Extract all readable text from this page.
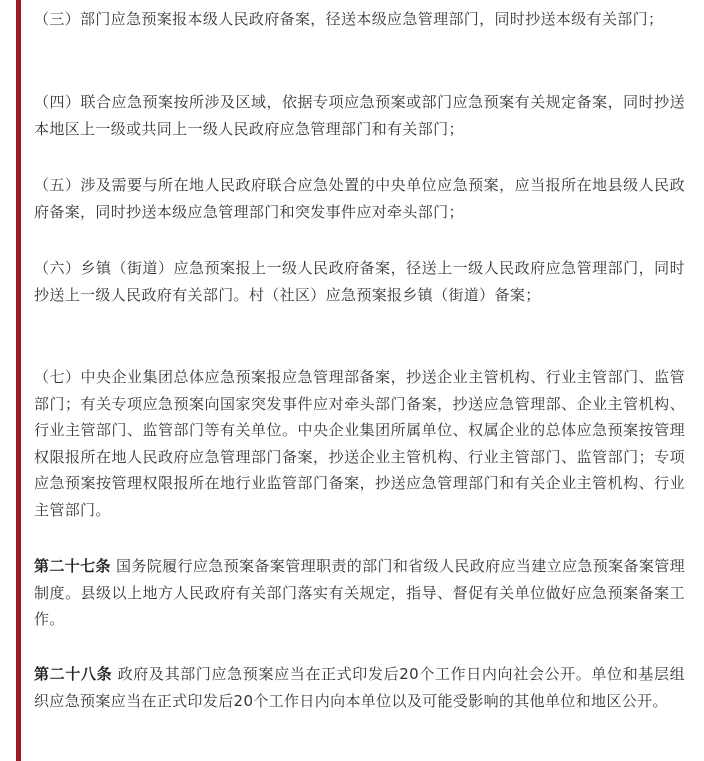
（三）部门应急预案报本级人民政府备案，径送本级应急管理部门，同时抄送本级有关部门；

（四）联合应急预案按所涉及区域，依据专项应急预案或部门应急预案有关规定备案，同时抄送本地区上一级或共同上一级人民政府应急管理部门和有关部门；

（五）涉及需要与所在地人民政府联合应急处置的中央单位应急预案，应当报所在地县级人民政府备案，同时抄送本级应急管理部门和突发事件应对牵头部门；

（六）乡镇（街道）应急预案报上一级人民政府备案，径送上一级人民政府应急管理部门，同时抄送上一级人民政府有关部门。村（社区）应急预案报乡镇（街道）备案；

（七）中央企业集团总体应急预案报应急管理部备案，抄送企业主管机构、行业主管部门、监管部门；有关专项应急预案向国家突发事件应对牵头部门备案，抄送应急管理部、企业主管机构、行业主管部门、监管部门等有关单位。中央企业集团所属单位、权属企业的总体应急预案按管理权限报所在地人民政府应急管理部门备案，抄送企业主管机构、行业主管部门、监管部门；专项应急预案按管理权限报所在地行业监管部门备案，抄送应急管理部门和有关企业主管机构、行业主管部门。

第二十七条 国务院履行应急预案备案管理职责的部门和省级人民政府应当建立应急预案备案管理制度。县级以上地方人民政府有关部门落实有关规定，指导、督促有关单位做好应急预案备案工作。

第二十八条 政府及其部门应急预案应当在正式印发后20个工作日内向社会公开。单位和基层组织应急预案应当在正式印发后20个工作日内向本单位以及可能受影响的其他单位和地区公开。
